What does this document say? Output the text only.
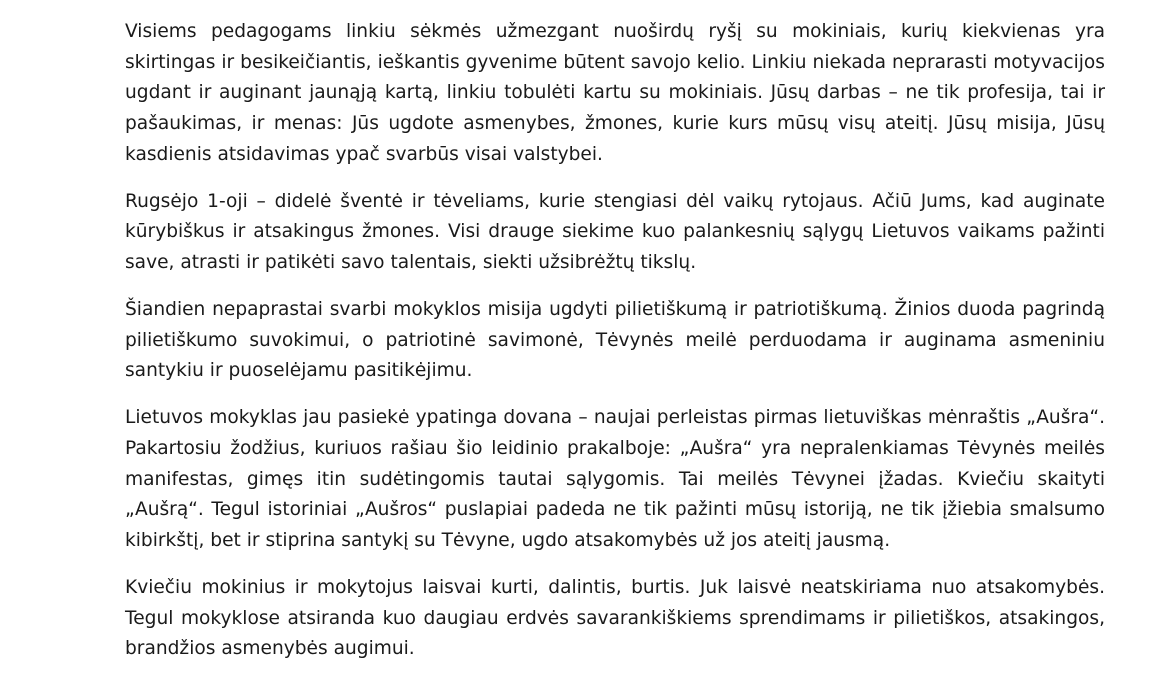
Visiems pedagogams linkiu sėkmės užmezgant nuoširdų ryšį su mokiniais, kurių kiekvienas yra skirtingas ir besikeičiantis, ieškantis gyvenime būtent savojo kelio. Linkiu niekada neprarasti motyvacijos ugdant ir auginant jaunąją kartą, linkiu tobulėti kartu su mokiniais. Jūsų darbas – ne tik profesija, tai ir pašaukimas, ir menas: Jūs ugdote asmenybes, žmones, kurie kurs mūsų visų ateitį. Jūsų misija, Jūsų kasdienis atsidavimas ypač svarbūs visai valstybei.

Rugsėjo 1-oji – didelė šventė ir tėveliams, kurie stengiasi dėl vaikų rytojaus. Ačiū Jums, kad auginate kūrybiškus ir atsakingus žmones. Visi drauge siekime kuo palankesnių sąlygų Lietuvos vaikams pažinti save, atrasti ir patikėti savo talentais, siekti užsibrėžtų tikslų.

Šiandien nepaprastai svarbi mokyklos misija ugdyti pilietiškumą ir patriotiškumą. Žinios duoda pagrindą pilietiškumo suvokimui, o patriotinė savimonė, Tėvynės meilė perduodama ir auginama asmeniniu santykiu ir puoselėjamu pasitikėjimu.

Lietuvos mokyklas jau pasiekė ypatinga dovana – naujai perleistas pirmas lietuviškas mėnraštis „Aušra“. Pakartosiu žodžius, kuriuos rašiau šio leidinio prakalboje: „Aušra“ yra nepralenkiamas Tėvynės meilės manifestas, gimęs itin sudėtingomis tautai sąlygomis. Tai meilės Tėvynei įžadas. Kviečiu skaityti „Aušrą“. Tegul istoriniai „Aušros“ puslapiai padeda ne tik pažinti mūsų istoriją, ne tik įžiebia smalsumo kibirkštį, bet ir stiprina santykį su Tėvyne, ugdo atsakomybės už jos ateitį jausmą.

Kviečiu mokinius ir mokytojus laisvai kurti, dalintis, burtis. Juk laisvė neatskiriama nuo atsakomybės. Tegul mokyklose atsiranda kuo daugiau erdvės savarankiškiems sprendimams ir pilietiškos, atsakingos, brandžios asmenybės augimui.
